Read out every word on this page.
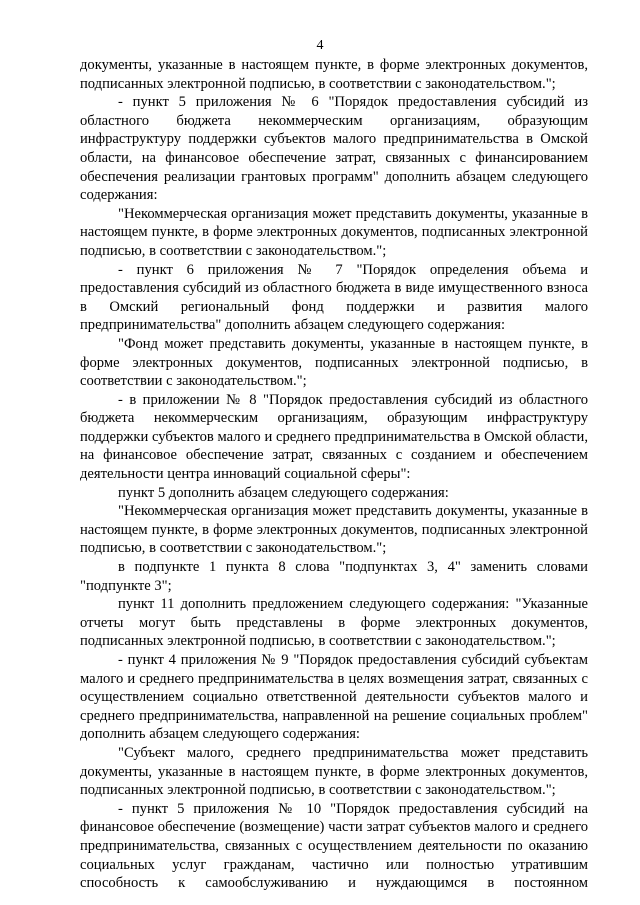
4

документы, указанные в настоящем пункте, в форме электронных документов,

подписанных электронной подписью, в соответствии с законодательством.";

- пункт 5 приложения № 6 "Порядок предоставления субсидий из областного бюджета некоммерческим организациям, образующим инфраструктуру поддержки субъектов малого предпринимательства в Омской области, на финансовое обеспечение затрат, связанных с финансированием обеспечения реализации грантовых программ" дополнить абзацем следующего содержания:

"Некоммерческая организация может представить документы, указанные в настоящем пункте, в форме электронных документов, подписанных электронной подписью, в соответствии с законодательством.";

- пункт 6 приложения № 7 "Порядок определения объема и предоставления субсидий из областного бюджета в виде имущественного взноса в Омский региональный фонд поддержки и развития малого предпринимательства" дополнить абзацем следующего содержания:

"Фонд может представить документы, указанные в настоящем пункте, в форме электронных документов, подписанных электронной подписью, в соответствии с законодательством.";

- в приложении № 8 "Порядок предоставления субсидий из областного бюджета некоммерческим организациям, образующим инфраструктуру поддержки субъектов малого и среднего предпринимательства в Омской области, на финансовое обеспечение затрат, связанных с созданием и обеспечением деятельности центра инноваций социальной сферы":

пункт 5 дополнить абзацем следующего содержания:

"Некоммерческая организация может представить документы, указанные в настоящем пункте, в форме электронных документов, подписанных электронной подписью, в соответствии с законодательством.";

в подпункте 1 пункта 8 слова "подпунктах 3, 4" заменить словами "подпункте 3";

пункт 11 дополнить предложением следующего содержания: "Указанные отчеты могут быть представлены в форме электронных документов, подписанных электронной подписью, в соответствии с законодательством.";

- пункт 4 приложения № 9 "Порядок предоставления субсидий субъектам малого и среднего предпринимательства в целях возмещения затрат, связанных с осуществлением социально ответственной деятельности субъектов малого и среднего предпринимательства, направленной на решение социальных проблем" дополнить абзацем следующего содержания:

"Субъект малого, среднего предпринимательства может представить документы, указанные в настоящем пункте, в форме электронных документов, подписанных электронной подписью, в соответствии с законодательством.";

- пункт 5 приложения № 10 "Порядок предоставления субсидий на финансовое обеспечение (возмещение) части затрат субъектов малого и среднего предпринимательства, связанных с осуществлением деятельности по оказанию социальных услуг гражданам, частично или полностью утратившим способность к самообслуживанию и нуждающимся в постоянном
